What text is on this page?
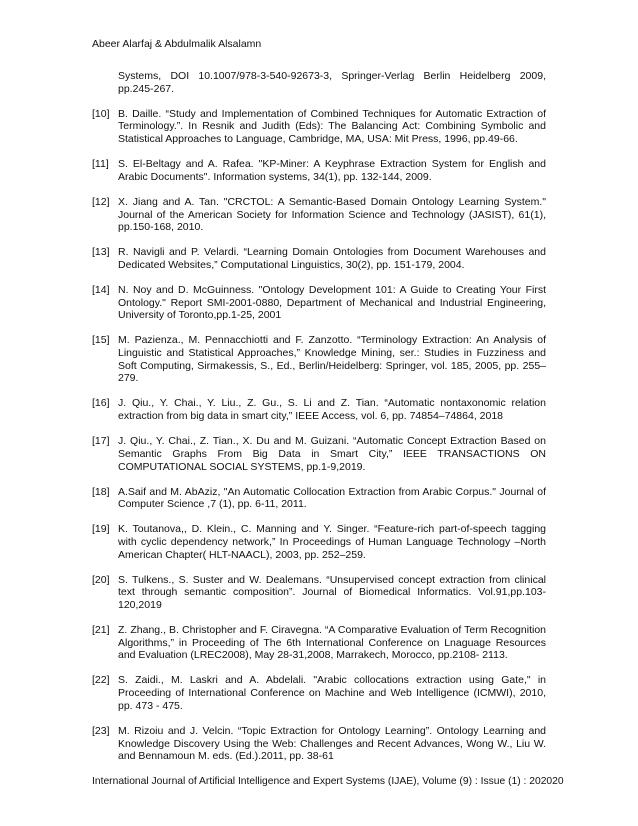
Abeer Alarfaj & Abdulmalik Alsalamn
Systems, DOI 10.1007/978-3-540-92673-3, Springer-Verlag Berlin Heidelberg 2009, pp.245-267.
[10] B. Daille. “Study and Implementation of Combined Techniques for Automatic Extraction of Terminology.”. In Resnik and Judith (Eds): The Balancing Act: Combining Symbolic and Statistical Approaches to Language, Cambridge, MA, USA: Mit Press, 1996, pp.49-66.
[11] S. El-Beltagy and A. Rafea. "KP-Miner: A Keyphrase Extraction System for English and Arabic Documents". Information systems, 34(1), pp. 132-144, 2009.
[12] X. Jiang and A. Tan. "CRCTOL: A Semantic-Based Domain Ontology Learning System." Journal of the American Society for Information Science and Technology (JASIST), 61(1), pp.150-168, 2010.
[13] R. Navigli and P. Velardi. “Learning Domain Ontologies from Document Warehouses and Dedicated Websites,” Computational Linguistics, 30(2), pp. 151-179, 2004.
[14] N. Noy and D. McGuinness. "Ontology Development 101: A Guide to Creating Your First Ontology." Report SMI-2001-0880, Department of Mechanical and Industrial Engineering, University of Toronto,pp.1-25, 2001
[15] M. Pazienza., M. Pennacchiotti and F. Zanzotto. “Terminology Extraction: An Analysis of Linguistic and Statistical Approaches,” Knowledge Mining, ser.: Studies in Fuzziness and Soft Computing, Sirmakessis, S., Ed., Berlin/Heidelberg: Springer, vol. 185, 2005, pp. 255–279.
[16] J. Qiu., Y. Chai., Y. Liu., Z. Gu., S. Li and Z. Tian. “Automatic nontaxonomic relation extraction from big data in smart city,” IEEE Access, vol. 6, pp. 74854–74864, 2018
[17] J. Qiu., Y. Chai., Z. Tian., X. Du and M. Guizani. “Automatic Concept Extraction Based on Semantic Graphs From Big Data in Smart City,” IEEE TRANSACTIONS ON COMPUTATIONAL SOCIAL SYSTEMS, pp.1-9,2019.
[18] A.Saif and M. AbAziz, "An Automatic Collocation Extraction from Arabic Corpus." Journal of Computer Science ,7 (1), pp. 6-11, 2011.
[19] K. Toutanova,, D. Klein., C. Manning and Y. Singer. “Feature-rich part-of-speech tagging with cyclic dependency network,” In Proceedings of Human Language Technology –North American Chapter( HLT-NAACL), 2003, pp. 252–259.
[20] S. Tulkens., S. Suster and W. Dealemans. “Unsupervised concept extraction from clinical text through semantic composition”. Journal of Biomedical Informatics. Vol.91,pp.103-120,2019
[21] Z. Zhang., B. Christopher and F. Ciravegna. “A Comparative Evaluation of Term Recognition Algorithms,” in Proceeding of The 6th International Conference on Lnaguage Resources and Evaluation (LREC2008), May 28-31,2008, Marrakech, Morocco, pp.2108- 2113.
[22] S. Zaidi., M. Laskri and A. Abdelali. "Arabic collocations extraction using Gate," in Proceeding of International Conference on Machine and Web Intelligence (ICMWI), 2010, pp. 473 - 475.
[23] M. Rizoiu and J. Velcin. “Topic Extraction for Ontology Learning”. Ontology Learning and Knowledge Discovery Using the Web: Challenges and Recent Advances, Wong W., Liu W. and Bennamoun M. eds. (Ed.).2011, pp. 38-61
International Journal of Artificial Intelligence and Expert Systems (IJAE), Volume (9) : Issue (1) : 2020 20
